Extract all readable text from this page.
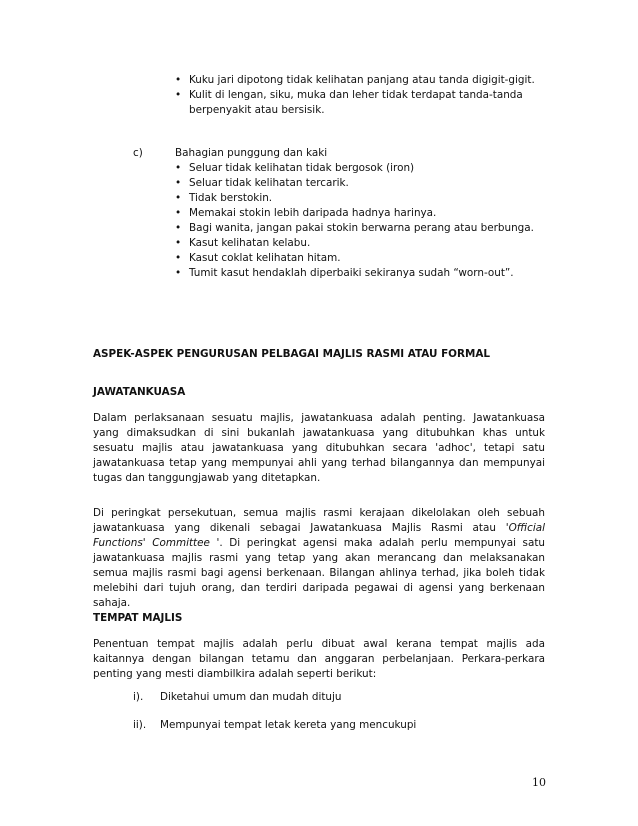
• Kuku jari dipotong tidak kelihatan panjang atau tanda digigit-gigit.

• Kulit di lengan, siku, muka dan leher tidak terdapat tanda-tanda berpenyakit atau bersisik.

c)	Bahagian punggung dan kaki

• Seluar tidak kelihatan tidak bergosok (iron)

• Seluar tidak kelihatan tercarik.

• Tidak berstokin.

• Memakai stokin lebih daripada hadnya harinya.

• Bagi wanita, jangan pakai stokin berwarna perang atau berbunga.

• Kasut kelihatan kelabu.

• Kasut coklat kelihatan hitam.

• Tumit kasut hendaklah diperbaiki sekiranya sudah “worn-out”.

ASPEK-ASPEK PENGURUSAN PELBAGAI MAJLIS RASMI ATAU FORMAL
JAWATANKUASA
Dalam perlaksanaan sesuatu majlis, jawatankuasa adalah penting. Jawatankuasa yang dimaksudkan di sini bukanlah jawatankuasa yang ditubuhkan khas untuk sesuatu majlis atau jawatankuasa yang ditubuhkan secara 'adhoc', tetapi satu jawatankuasa tetap yang mempunyai ahli yang terhad bilangannya dan mempunyai tugas dan tanggungjawab yang ditetapkan.
Di peringkat persekutuan, semua majlis rasmi kerajaan dikelolakan oleh sebuah jawatankuasa yang dikenali sebagai Jawatankuasa Majlis Rasmi atau 'Official Functions' Committee '. Di peringkat agensi maka adalah perlu mempunyai satu jawatankuasa majlis rasmi yang tetap yang akan merancang dan melaksanakan semua majlis rasmi bagi agensi berkenaan. Bilangan ahlinya terhad, jika boleh tidak melebihi dari tujuh orang, dan terdiri daripada pegawai di agensi yang berkenaan sahaja.
TEMPAT MAJLIS
Penentuan tempat majlis adalah perlu dibuat awal kerana tempat majlis ada kaitannya dengan bilangan tetamu dan anggaran perbelanjaan. Perkara-perkara penting yang mesti diambilkira adalah seperti berikut:
i). Diketahui umum dan mudah dituju
ii). Mempunyai tempat letak kereta yang mencukupi
10
